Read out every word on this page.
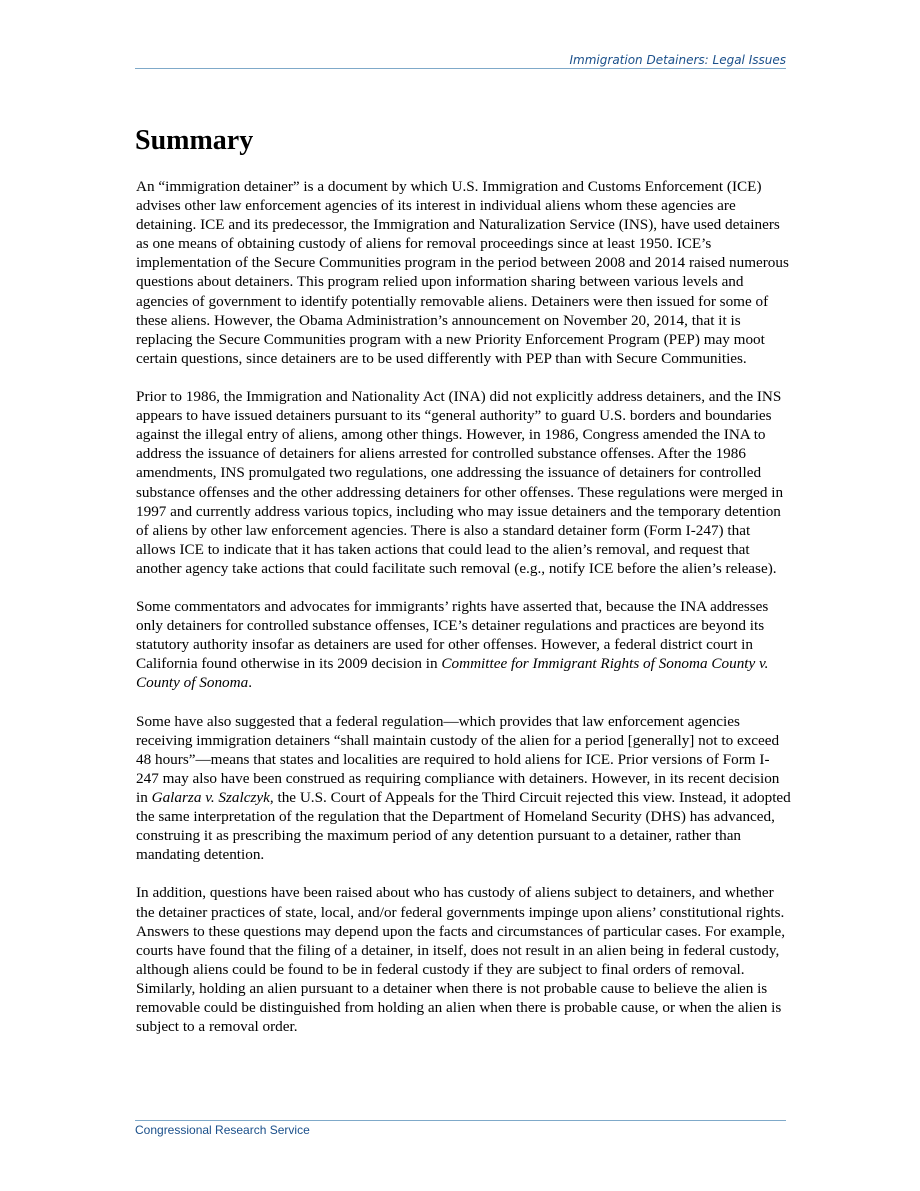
Immigration Detainers: Legal Issues
Summary

An “immigration detainer” is a document by which U.S. Immigration and Customs Enforcement (ICE) advises other law enforcement agencies of its interest in individual aliens whom these agencies are detaining. ICE and its predecessor, the Immigration and Naturalization Service (INS), have used detainers as one means of obtaining custody of aliens for removal proceedings since at least 1950. ICE’s implementation of the Secure Communities program in the period between 2008 and 2014 raised numerous questions about detainers. This program relied upon information sharing between various levels and agencies of government to identify potentially removable aliens. Detainers were then issued for some of these aliens. However, the Obama Administration’s announcement on November 20, 2014, that it is replacing the Secure Communities program with a new Priority Enforcement Program (PEP) may moot certain questions, since detainers are to be used differently with PEP than with Secure Communities.

Prior to 1986, the Immigration and Nationality Act (INA) did not explicitly address detainers, and the INS appears to have issued detainers pursuant to its “general authority” to guard U.S. borders and boundaries against the illegal entry of aliens, among other things. However, in 1986, Congress amended the INA to address the issuance of detainers for aliens arrested for controlled substance offenses. After the 1986 amendments, INS promulgated two regulations, one addressing the issuance of detainers for controlled substance offenses and the other addressing detainers for other offenses. These regulations were merged in 1997 and currently address various topics, including who may issue detainers and the temporary detention of aliens by other law enforcement agencies. There is also a standard detainer form (Form I-247) that allows ICE to indicate that it has taken actions that could lead to the alien’s removal, and request that another agency take actions that could facilitate such removal (e.g., notify ICE before the alien’s release).

Some commentators and advocates for immigrants’ rights have asserted that, because the INA addresses only detainers for controlled substance offenses, ICE’s detainer regulations and practices are beyond its statutory authority insofar as detainers are used for other offenses. However, a federal district court in California found otherwise in its 2009 decision in Committee for Immigrant Rights of Sonoma County v. County of Sonoma.

Some have also suggested that a federal regulation—which provides that law enforcement agencies receiving immigration detainers “shall maintain custody of the alien for a period [generally] not to exceed 48 hours”—means that states and localities are required to hold aliens for ICE. Prior versions of Form I-247 may also have been construed as requiring compliance with detainers. However, in its recent decision in Galarza v. Szalczyk, the U.S. Court of Appeals for the Third Circuit rejected this view. Instead, it adopted the same interpretation of the regulation that the Department of Homeland Security (DHS) has advanced, construing it as prescribing the maximum period of any detention pursuant to a detainer, rather than mandating detention.

In addition, questions have been raised about who has custody of aliens subject to detainers, and whether the detainer practices of state, local, and/or federal governments impinge upon aliens’ constitutional rights. Answers to these questions may depend upon the facts and circumstances of particular cases. For example, courts have found that the filing of a detainer, in itself, does not result in an alien being in federal custody, although aliens could be found to be in federal custody if they are subject to final orders of removal. Similarly, holding an alien pursuant to a detainer when there is not probable cause to believe the alien is removable could be distinguished from holding an alien when there is probable cause, or when the alien is subject to a removal order.

Congressional Research Service
